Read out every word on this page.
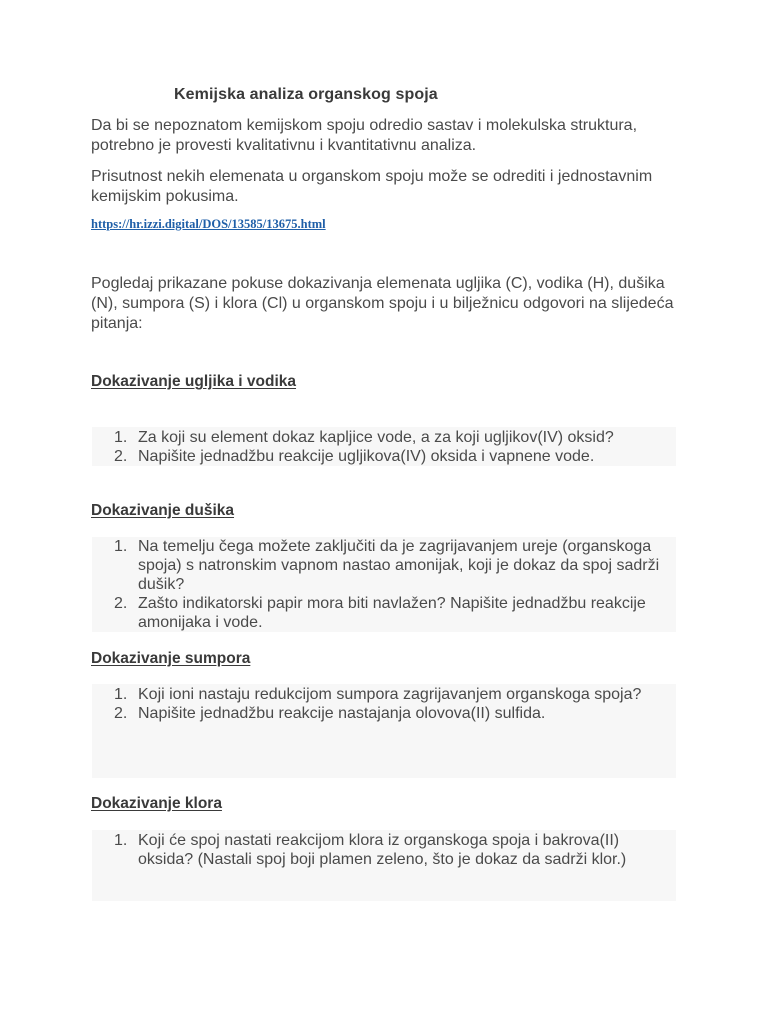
Kemijska analiza organskog spoja
Da bi se nepoznatom kemijskom spoju odredio sastav i molekulska struktura, potrebno je provesti kvalitativnu i kvantitativnu analiza.
Prisutnost nekih elemenata u organskom spoju može se odrediti i jednostavnim kemijskim pokusima.
https://hr.izzi.digital/DOS/13585/13675.html
Pogledaj prikazane pokuse dokazivanja elemenata ugljika (C), vodika (H), dušika (N), sumpora (S) i klora (Cl) u organskom spoju i u bilježnicu odgovori na slijedeća pitanja:
Dokazivanje ugljika i vodika
1. Za koji su element dokaz kapljice vode, a za koji ugljikov(IV) oksid?
2. Napišite jednadžbu reakcije ugljikova(IV) oksida i vapnene vode.
Dokazivanje dušika
1. Na temelju čega možete zaključiti da je zagrijavanjem ureje (organskoga spoja) s natronskim vapnom nastao amonijak, koji je dokaz da spoj sadrži dušik?
2. Zašto indikatorski papir mora biti navlažen? Napišite jednadžbu reakcije amonijaka i vode.
Dokazivanje sumpora
1. Koji ioni nastaju redukcijom sumpora zagrijavanjem organskoga spoja?
2. Napišite jednadžbu reakcije nastajanja olovova(II) sulfida.
Dokazivanje klora
1. Koji će spoj nastati reakcijom klora iz organskoga spoja i bakrova(II) oksida? (Nastali spoj boji plamen zeleno, što je dokaz da sadrži klor.)
